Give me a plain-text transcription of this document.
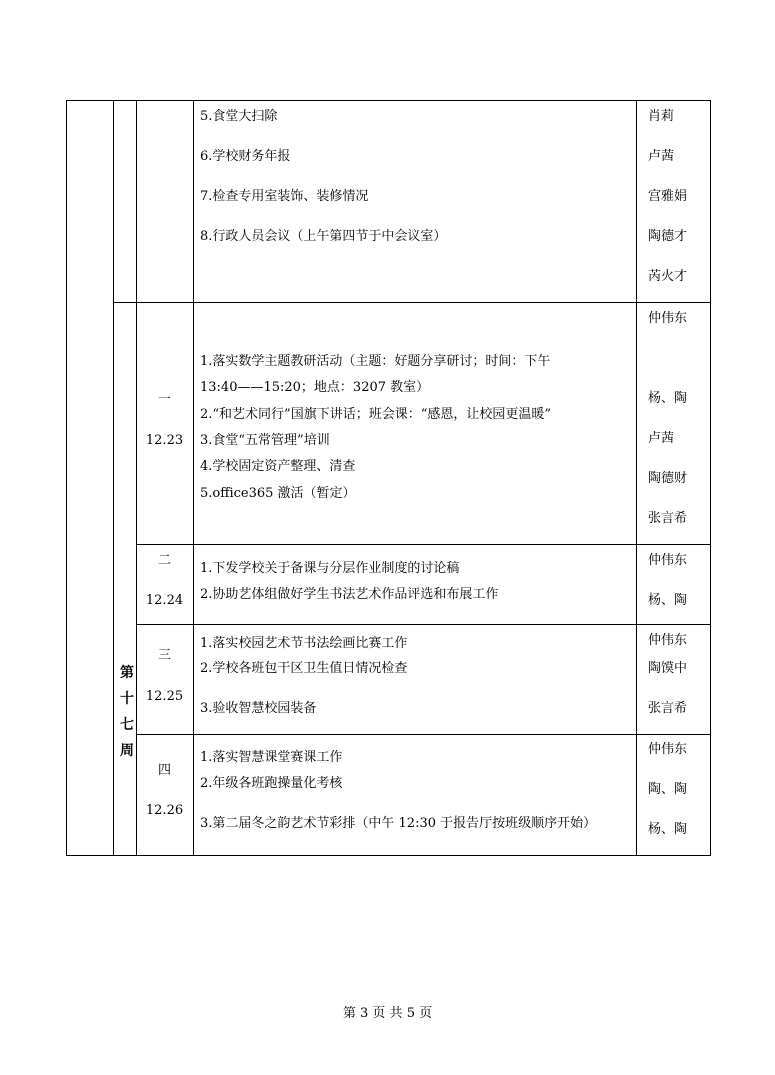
5.食堂大扫除
6.学校财务年报
7.检查专用室装饰、装修情况
8.行政人员会议（上午第四节于中会议室）
肖莉
卢茜
宫雅娟
陶德才
芮火才
第
十
七
周
一
12.23
1.落实数学主题教研活动（主题：好题分享研讨；时间：下午
13:40——15:20；地点：3207 教室）
2.“和艺术同行”国旗下讲话；班会课：“感恩，让校园更温暖”
3.食堂“五常管理”培训
4.学校固定资产整理、清查
5.office365 激活（暂定）
仲伟东
杨、陶
卢茜
陶德财
张言希
二
12.24
1.下发学校关于备课与分层作业制度的讨论稿
2.协助艺体组做好学生书法艺术作品评选和布展工作
仲伟东
杨、陶
三
12.25
1.落实校园艺术节书法绘画比赛工作
2.学校各班包干区卫生值日情况检查
3.验收智慧校园装备
仲伟东
陶馍中
张言希
四
12.26
1.落实智慧课堂赛课工作
2.年级各班跑操量化考核
3.第二届冬之韵艺术节彩排（中午 12:30 于报告厅按班级顺序开始）
仲伟东
陶、陶
杨、陶
第 3 页 共 5 页
